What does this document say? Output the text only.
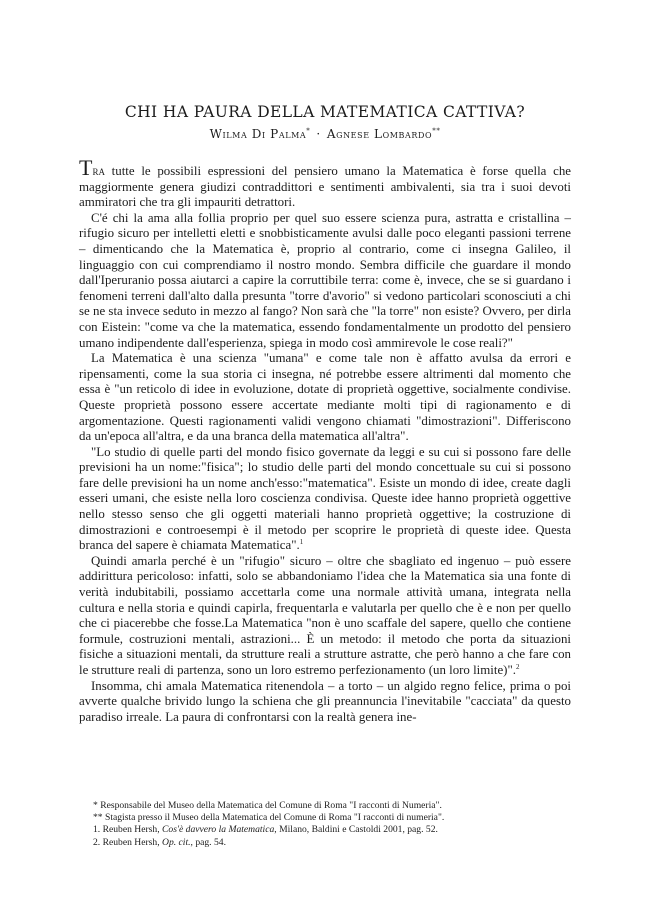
CHI HA PAURA DELLA MATEMATICA CATTIVA?
Wilma Di Palma* · Agnese Lombardo**

Tra tutte le possibili espressioni del pensiero umano la Matematica è forse quella che maggiormente genera giudizi contraddittori e sentimenti ambivalenti, sia tra i suoi devoti ammiratori che tra gli impauriti detrattori.

C'é chi la ama alla follia proprio per quel suo essere scienza pura, astratta e cristallina – rifugio sicuro per intelletti eletti e snobbisticamente avulsi dalle poco eleganti passioni terrene – dimenticando che la Matematica è, proprio al contrario, come ci insegna Galileo, il linguaggio con cui comprendiamo il nostro mondo. Sembra difficile che guardare il mondo dall'Iperuranio possa aiutarci a capire la corruttibile terra: come è, invece, che se si guardano i fenomeni terreni dall'alto dalla presunta "torre d'avorio" si vedono particolari sconosciuti a chi se ne sta invece seduto in mezzo al fango? Non sarà che "la torre" non esiste? Ovvero, per dirla con Eistein: "come va che la matematica, essendo fondamentalmente un prodotto del pensiero umano indipendente dall'esperienza, spiega in modo così ammirevole le cose reali?"

La Matematica è una scienza "umana" e come tale non è affatto avulsa da errori e ripensamenti, come la sua storia ci insegna, né potrebbe essere altrimenti dal momento che essa è "un reticolo di idee in evoluzione, dotate di proprietà oggettive, socialmente condivise. Queste proprietà possono essere accertate mediante molti tipi di ragionamento e di argomentazione. Questi ragionamenti validi vengono chiamati "dimostrazioni". Differiscono da un'epoca all'altra, e da una branca della matematica all'altra".

"Lo studio di quelle parti del mondo fisico governate da leggi e su cui si possono fare delle previsioni ha un nome:"fisica"; lo studio delle parti del mondo concettuale su cui si possono fare delle previsioni ha un nome anch'esso:"matematica". Esiste un mondo di idee, create dagli esseri umani, che esiste nella loro coscienza condivisa. Queste idee hanno proprietà oggettive nello stesso senso che gli oggetti materiali hanno proprietà oggettive; la costruzione di dimostrazioni e controesempi è il metodo per scoprire le proprietà di queste idee. Questa branca del sapere è chiamata Matematica".$^1$

Quindi amarla perché è un "rifugio" sicuro – oltre che sbagliato ed ingenuo – può essere addirittura pericoloso: infatti, solo se abbandoniamo l'idea che la Matematica sia una fonte di verità indubitabili, possiamo accettarla come una normale attività umana, integrata nella cultura e nella storia e quindi capirla, frequentarla e valutarla per quello che è e non per quello che ci piacerebbe che fosse.La Matematica "non è uno scaffale del sapere, quello che contiene formule, costruzioni mentali, astrazioni... È un metodo: il metodo che porta da situazioni fisiche a situazioni mentali, da strutture reali a strutture astratte, che però hanno a che fare con le strutture reali di partenza, sono un loro estremo perfezionamento (un loro limite)".$^2$

Insomma, chi amala Matematica ritenendola – a torto – un algido regno felice, prima o poi avverte qualche brivido lungo la schiena che gli preannuncia l'inevitabile "cacciata" da questo paradiso irreale. La paura di confrontarsi con la realtà genera ine-

* Responsabile del Museo della Matematica del Comune di Roma "I racconti di Numeria".
** Stagista presso il Museo della Matematica del Comune di Roma "I racconti di numeria".
1. Reuben Hersh, Cos'è davvero la Matematica, Milano, Baldini e Castoldi 2001, pag. 52.
2. Reuben Hersh, Op. cit., pag. 54.
